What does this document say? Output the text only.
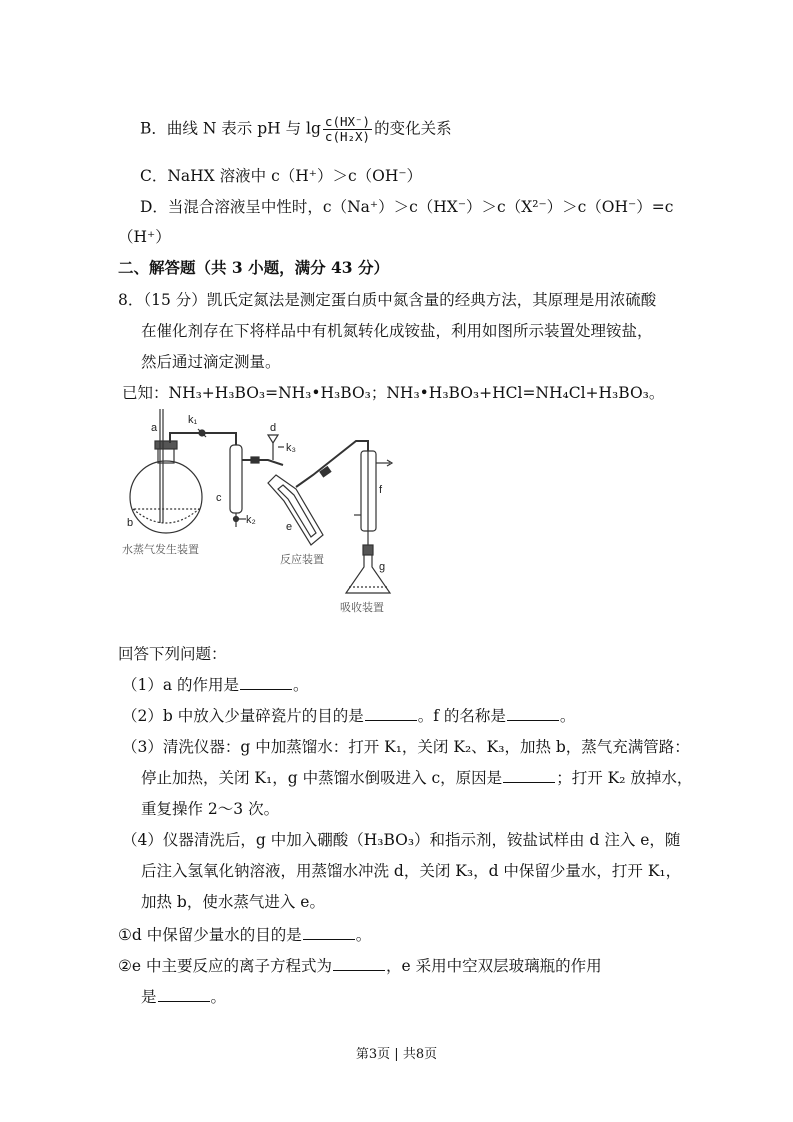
B．曲线 N 表示 pH 与 $\lg \frac{c(HX^-)}{\text{c(H₂X)}}$ 的变化关系
C．NaHX 溶液中 c（H⁺）＞c（OH⁻）
D．当混合溶液呈中性时，c（Na⁺）＞c（HX⁻）＞c（X²⁻）＞c（OH⁻）=c
（H⁺）
二、解答题（共 3 小题，满分 43 分）
8．（15 分）凯氏定氮法是测定蛋白质中氮含量的经典方法，其原理是用浓硫酸
在催化剂存在下将样品中有机氮转化成铵盐，利用如图所示装置处理铵盐，
然后通过滴定测量。
已知：NH₃+H₃BO₃=NH₃•H₃BO₃；NH₃•H₃BO₃+HCl=NH₄Cl+H₃BO₃。
a
k₁
b
c
k₂
d
k₃
e
f
g
水蒸气发生装置
反应装置
吸收装置
回答下列问题：
（1）a 的作用是	。
（2）b 中放入少量碎瓷片的目的是	。f 的名称是	。
（3）清洗仪器：g 中加蒸馏水：打开 K₁，关闭 K₂、K₃，加热 b，蒸气充满管路：
停止加热，关闭 K₁，g 中蒸馏水倒吸进入 c，原因是	；打开 K₂ 放掉水，
重复操作 2～3 次。
（4）仪器清洗后，g 中加入硼酸（H₃BO₃）和指示剂，铵盐试样由 d 注入 e，随
后注入氢氧化钠溶液，用蒸馏水冲洗 d，关闭 K₃，d 中保留少量水，打开 K₁，
加热 b，使水蒸气进入 e。
①d 中保留少量水的目的是	。
②e 中主要反应的离子方程式为	，e 采用中空双层玻璃瓶的作用
是	。
第3页 | 共8页
